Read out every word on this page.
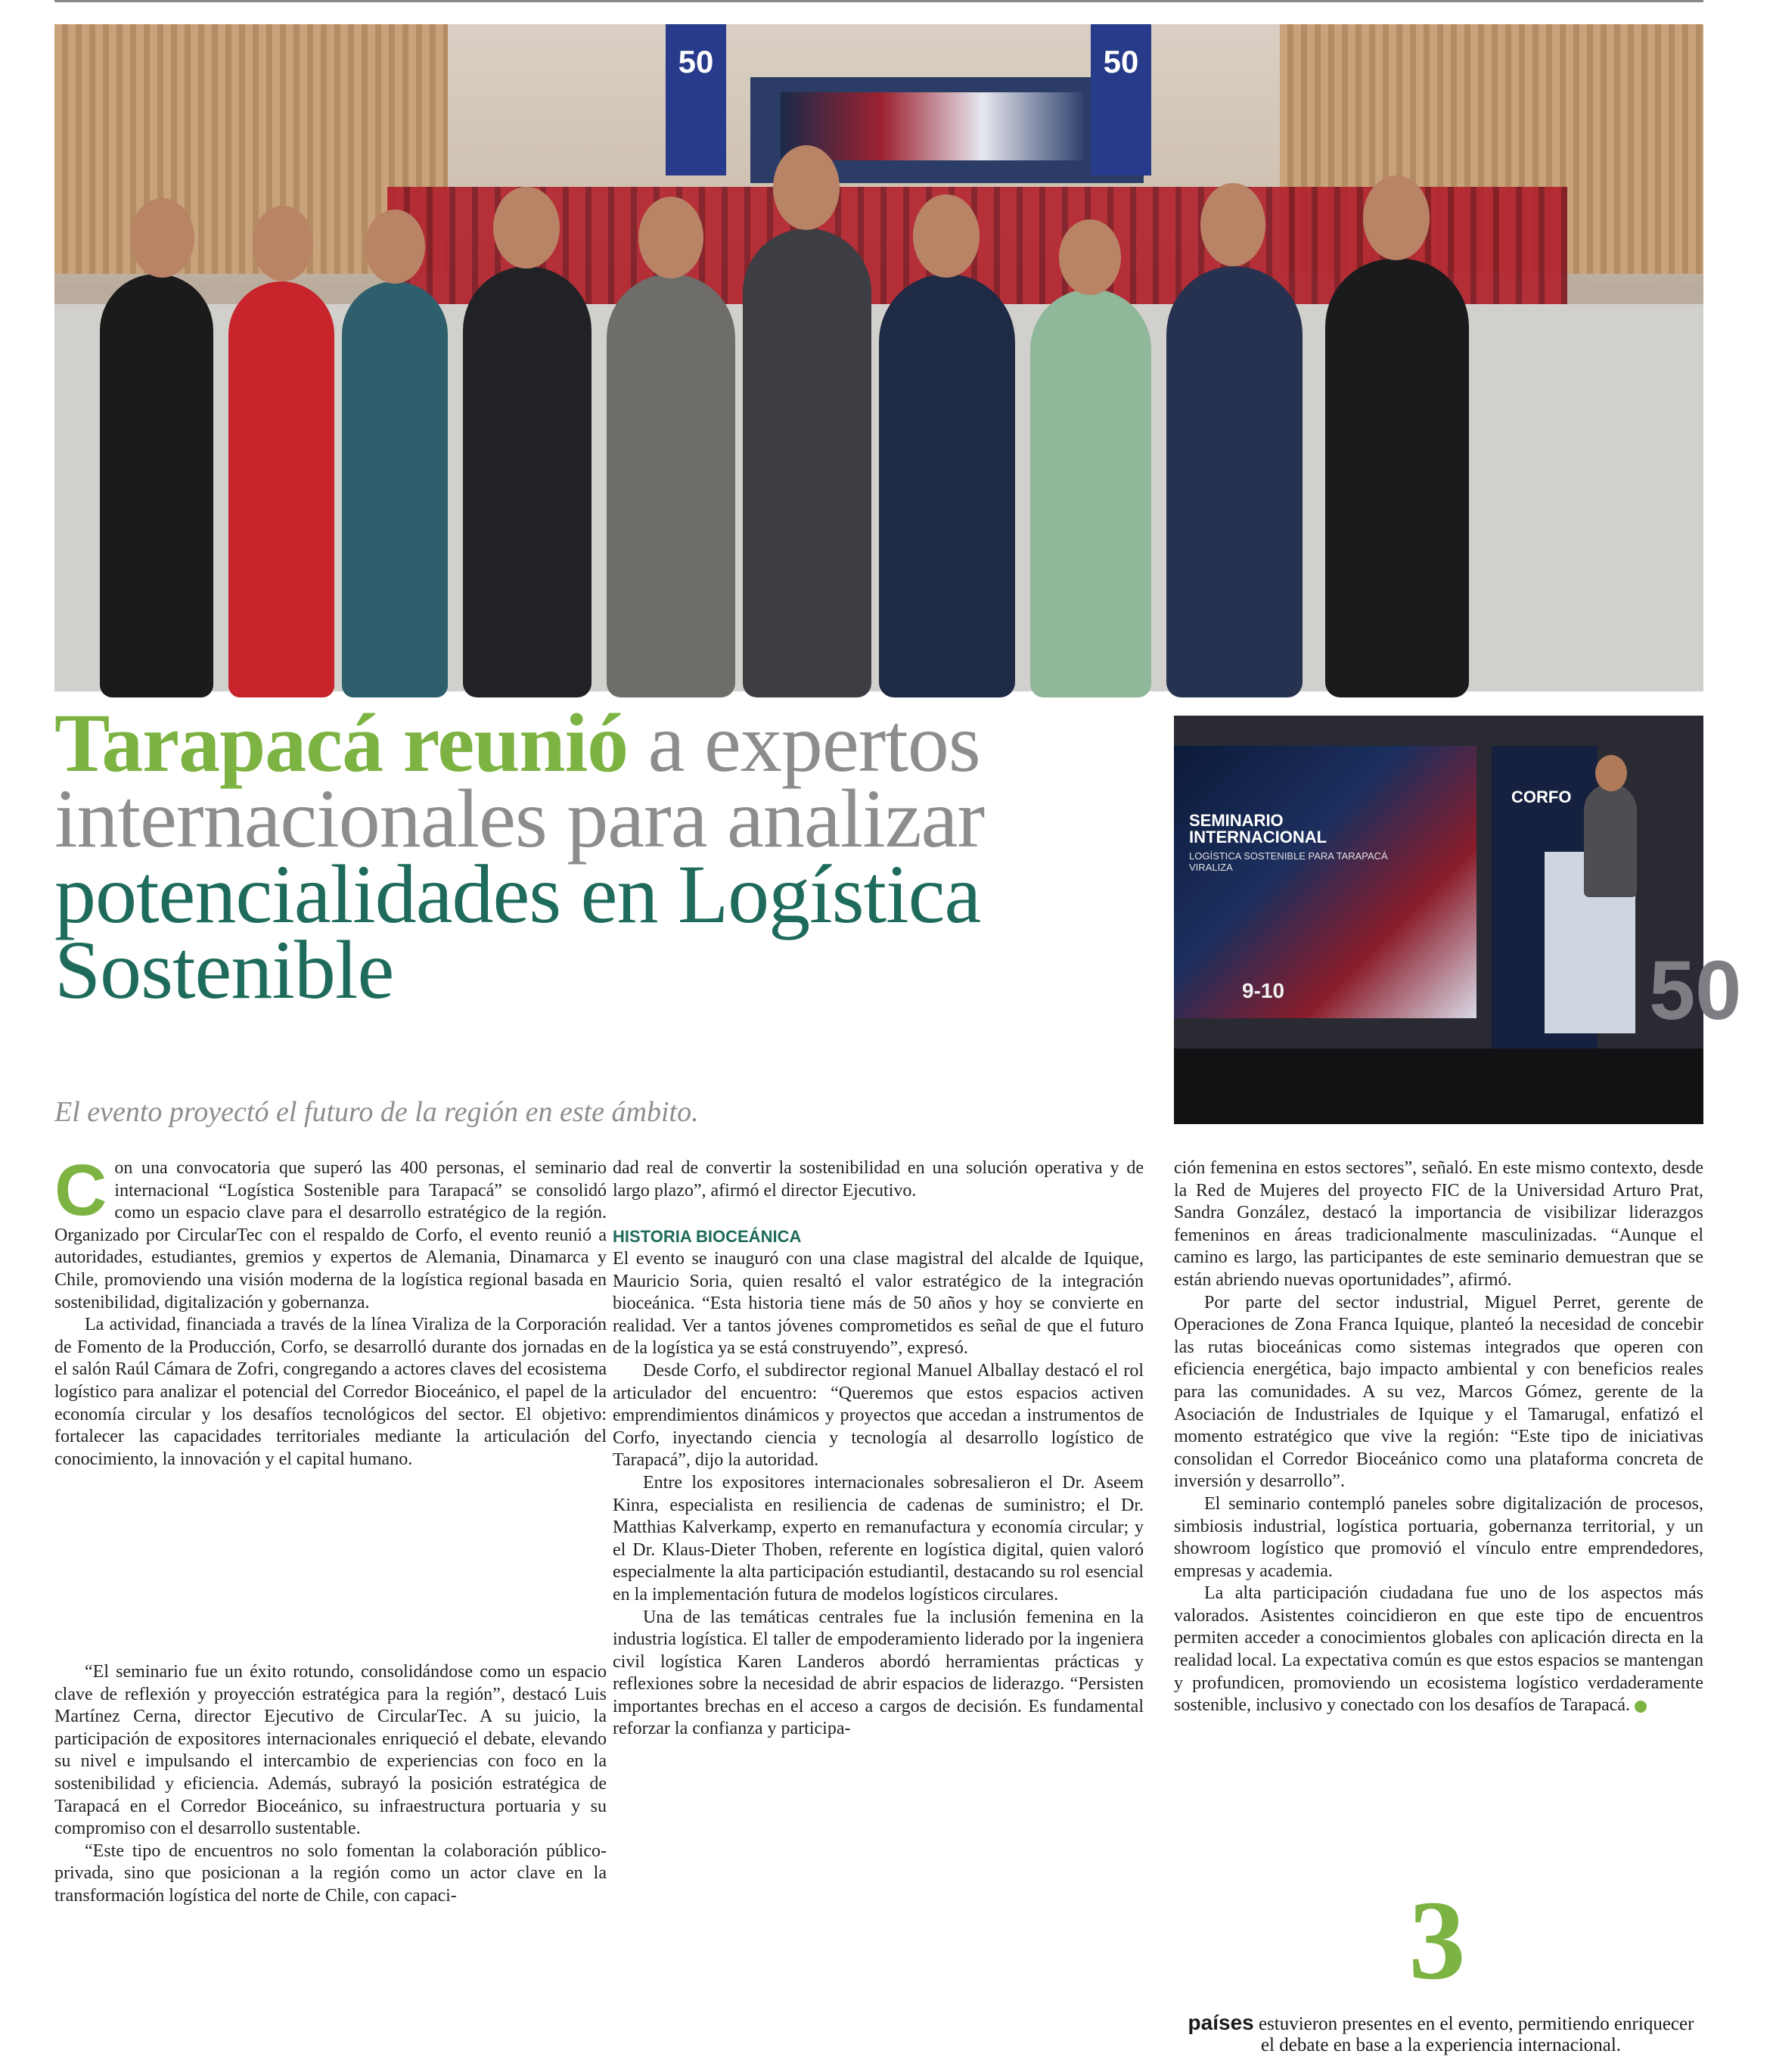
50	50
Tarapacá reunió a expertos internacionales para analizar potencialidades en Logística Sostenible
SEMINARIO INTERNACIONAL
LOGÍSTICA SOSTENIBLE PARA TARAPACÁ
VIRALIZA
9-10
CORFO
50
El evento proyectó el futuro de la región en este ámbito.

Con una convocatoria que superó las 400 personas, el seminario internacional “Logística Sostenible para Tarapacá” se consolidó como un espacio clave para el desarrollo estratégico de la región. Organizado por CircularTec con el respaldo de Corfo, el evento reunió a autoridades, estudiantes, gremios y expertos de Alemania, Dinamarca y Chile, promoviendo una visión moderna de la logística regional basada en sostenibilidad, digitalización y gobernanza.

La actividad, financiada a través de la línea Viraliza de la Corporación de Fomento de la Producción, Corfo, se desarrolló durante dos jornadas en el salón Raúl Cámara de Zofri, congregando a actores claves del ecosistema logístico para analizar el potencial del Corredor Bioceánico, el papel de la economía circular y los desafíos tecnológicos del sector. El objetivo: fortalecer las capacidades territoriales mediante la articulación del conocimiento, la innovación y el capital humano.

“El seminario fue un éxito rotundo, consolidándose como un espacio clave de reflexión y proyección estratégica para la región”, destacó Luis Martínez Cerna, director Ejecutivo de CircularTec. A su juicio, la participación de expositores internacionales enriqueció el debate, elevando su nivel e impulsando el intercambio de experiencias con foco en la sostenibilidad y eficiencia. Además, subrayó la posición estratégica de Tarapacá en el Corredor Bioceánico, su infraestructura portuaria y su compromiso con el desarrollo sustentable.

“Este tipo de encuentros no solo fomentan la colaboración público-privada, sino que posicionan a la región como un actor clave en la transformación logística del norte de Chile, con capaci-

dad real de convertir la sostenibilidad en una solución operativa y de largo plazo”, afirmó el director Ejecutivo.

HISTORIA BIOCEÁNICA

El evento se inauguró con una clase magistral del alcalde de Iquique, Mauricio Soria, quien resaltó el valor estratégico de la integración bioceánica. “Esta historia tiene más de 50 años y hoy se convierte en realidad. Ver a tantos jóvenes comprometidos es señal de que el futuro de la logística ya se está construyendo”, expresó.

Desde Corfo, el subdirector regional Manuel Alballay destacó el rol articulador del encuentro: “Queremos que estos espacios activen emprendimientos dinámicos y proyectos que accedan a instrumentos de Corfo, inyectando ciencia y tecnología al desarrollo logístico de Tarapacá”, dijo la autoridad.

Entre los expositores internacionales sobresalieron el Dr. Aseem Kinra, especialista en resiliencia de cadenas de suministro; el Dr. Matthias Kalverkamp, experto en remanufactura y economía circular; y el Dr. Klaus-Dieter Thoben, referente en logística digital, quien valoró especialmente la alta participación estudiantil, destacando su rol esencial en la implementación futura de modelos logísticos circulares.

Una de las temáticas centrales fue la inclusión femenina en la industria logística. El taller de empoderamiento liderado por la ingeniera civil logística Karen Landeros abordó herramientas prácticas y reflexiones sobre la necesidad de abrir espacios de liderazgo. “Persisten importantes brechas en el acceso a cargos de decisión. Es fundamental reforzar la confianza y participa-

ción femenina en estos sectores”, señaló. En este mismo contexto, desde la Red de Mujeres del proyecto FIC de la Universidad Arturo Prat, Sandra González, destacó la importancia de visibilizar liderazgos femeninos en áreas tradicionalmente masculinizadas. “Aunque el camino es largo, las participantes de este seminario demuestran que se están abriendo nuevas oportunidades”, afirmó.

Por parte del sector industrial, Miguel Perret, gerente de Operaciones de Zona Franca Iquique, planteó la necesidad de concebir las rutas bioceánicas como sistemas integrados que operen con eficiencia energética, bajo impacto ambiental y con beneficios reales para las comunidades. A su vez, Marcos Gómez, gerente de la Asociación de Industriales de Iquique y el Tamarugal, enfatizó el momento estratégico que vive la región: “Este tipo de iniciativas consolidan el Corredor Bioceánico como una plataforma concreta de inversión y desarrollo”.

El seminario contempló paneles sobre digitalización de procesos, simbiosis industrial, logística portuaria, gobernanza territorial, y un showroom logístico que promovió el vínculo entre emprendedores, empresas y academia.

La alta participación ciudadana fue uno de los aspectos más valorados. Asistentes coincidieron en que este tipo de encuentros permiten acceder a conocimientos globales con aplicación directa en la realidad local. La expectativa común es que estos espacios se mantengan y profundicen, promoviendo un ecosistema logístico verdaderamente sostenible, inclusivo y conectado con los desafíos de Tarapacá.

3
países estuvieron presentes en el evento, permitiendo enriquecer el debate en base a la experiencia internacional.
